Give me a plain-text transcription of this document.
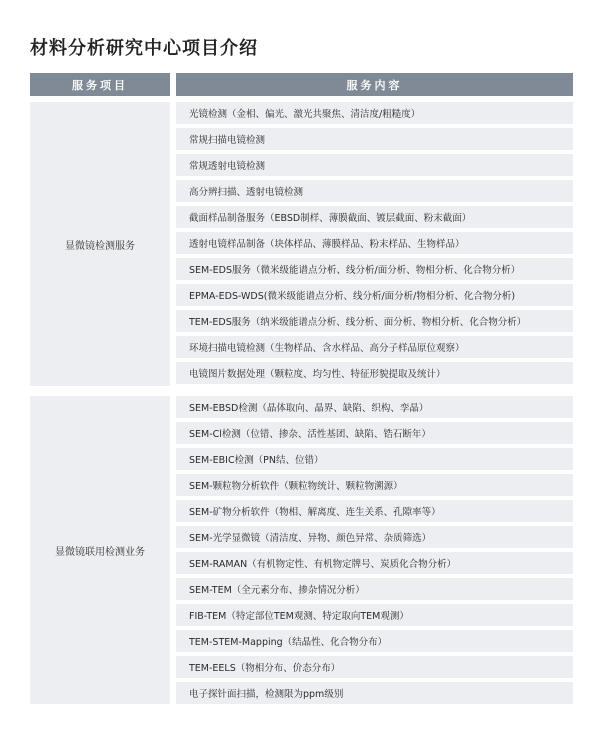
材料分析研究中心项目介绍
服务项目	服务内容
显微镜检测服务
光镜检测（金相、偏光、激光共聚焦、清洁度/粗糙度）
常规扫描电镜检测
常规透射电镜检测
高分辨扫描、透射电镜检测
截面样品制备服务（EBSD制样、薄膜截面、镀层截面、粉末截面）
透射电镜样品制备（块体样品、薄膜样品、粉末样品、生物样品）
SEM-EDS服务（微米级能谱点分析、线分析/面分析、物相分析、化合物分析）
EPMA-EDS-WDS(微米级能谱点分析、线分析/面分析/物相分析、化合物分析)
TEM-EDS服务（纳米级能谱点分析、线分析、面分析、物相分析、化合物分析）
环境扫描电镜检测（生物样品、含水样品、高分子样品原位观察）
电镜图片数据处理（颗粒度、均匀性、特征形貌提取及统计）
显微镜联用检测业务
SEM-EBSD检测（晶体取向、晶界、缺陷、织构、孪晶）
SEM-Cl检测（位错、掺杂、活性基团、缺陷、锆石断年）
SEM-EBIC检测（PN结、位错）
SEM-颗粒物分析软件（颗粒物统计、颗粒物溯源）
SEM-矿物分析软件（物相、解离度、连生关系、孔隙率等）
SEM-光学显微镜（清洁度、异物、颜色异常、杂质筛选）
SEM-RAMAN（有机物定性、有机物定牌号、炭质化合物分析）
SEM-TEM（全元素分布、掺杂情况分析）
FIB-TEM（特定部位TEM观测、特定取向TEM观测）
TEM-STEM-Mapping（结晶性、化合物分布）
TEM-EELS（物相分布、价态分布）
电子探针面扫描，检测限为ppm级别
